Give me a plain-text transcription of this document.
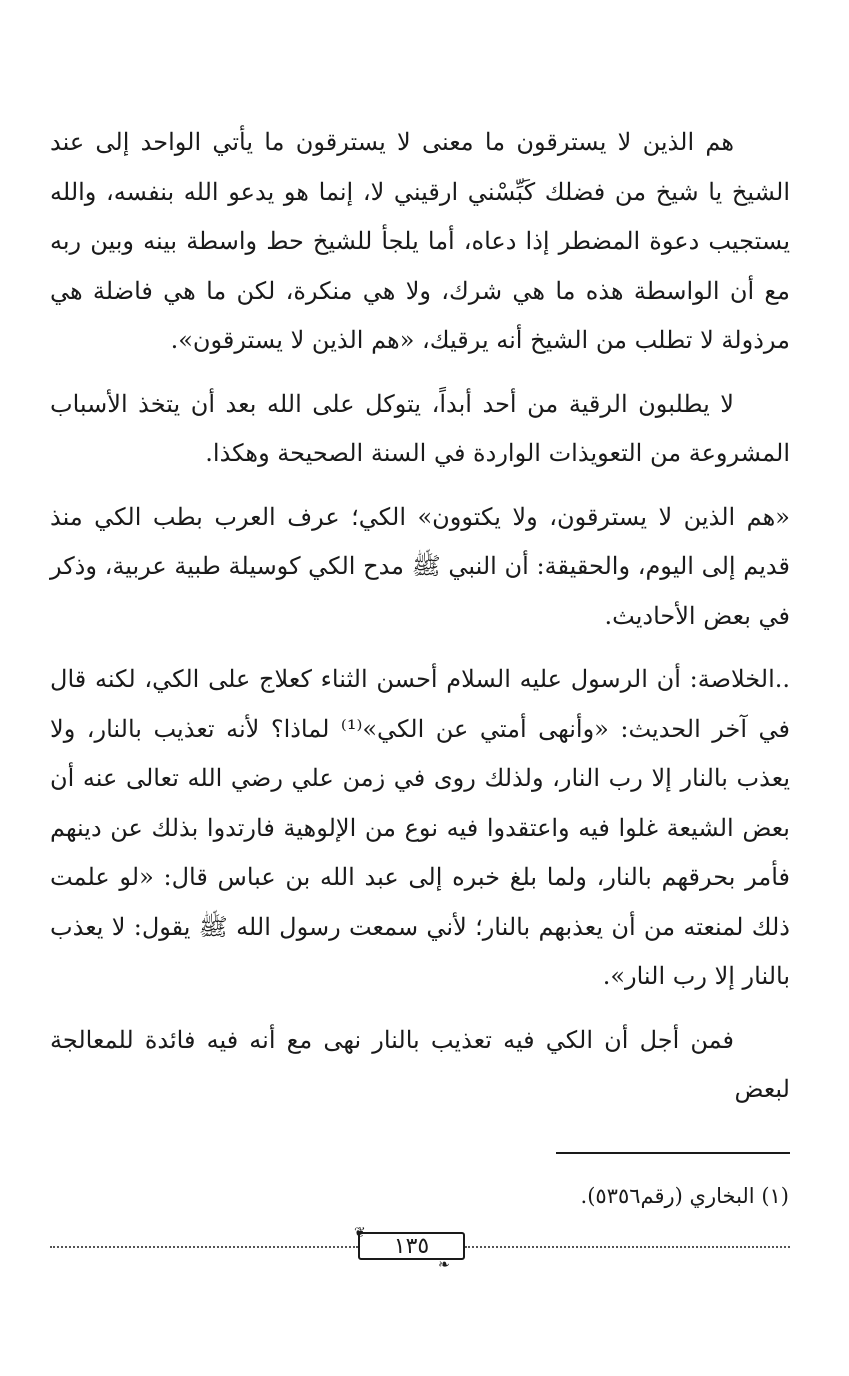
هم الذين لا يسترقون ما معنى لا يسترقون ما يأتي الواحد إلى عند الشيخ يا شيخ من فضلك كَبِّسْني ارقيني لا، إنما هو يدعو الله بنفسه، والله يستجيب دعوة المضطر إذا دعاه، أما يلجأ للشيخ حط واسطة بينه وبين ربه مع أن الواسطة هذه ما هي شرك، ولا هي منكرة، لكن ما هي فاضلة هي مرذولة لا تطلب من الشيخ أنه يرقيك، «هم الذين لا يسترقون».

لا يطلبون الرقية من أحد أبداً، يتوكل على الله بعد أن يتخذ الأسباب المشروعة من التعويذات الواردة في السنة الصحيحة وهكذا.

«هم الذين لا يسترقون، ولا يكتوون» الكي؛ عرف العرب بطب الكي منذ قديم إلى اليوم، والحقيقة: أن النبي ﷺ مدح الكي كوسيلة طبية عربية، وذكر في بعض الأحاديث.

..الخلاصة: أن الرسول عليه السلام أحسن الثناء كعلاج على الكي، لكنه قال في آخر الحديث: «وأنهى أمتي عن الكي»⁽¹⁾ لماذا؟ لأنه تعذيب بالنار، ولا يعذب بالنار إلا رب النار، ولذلك روى في زمن علي رضي الله تعالى عنه أن بعض الشيعة غلوا فيه واعتقدوا فيه نوع من الإلوهية فارتدوا بذلك عن دينهم فأمر بحرقهم بالنار، ولما بلغ خبره إلى عبد الله بن عباس قال: «لو علمت ذلك لمنعته من أن يعذبهم بالنار؛ لأني سمعت رسول الله ﷺ يقول: لا يعذب بالنار إلا رب النار».

فمن أجل أن الكي فيه تعذيب بالنار نهى مع أنه فيه فائدة للمعالجة لبعض

(١) البخاري (رقم٥٣٥٦).
❦
١٣٥
❧
